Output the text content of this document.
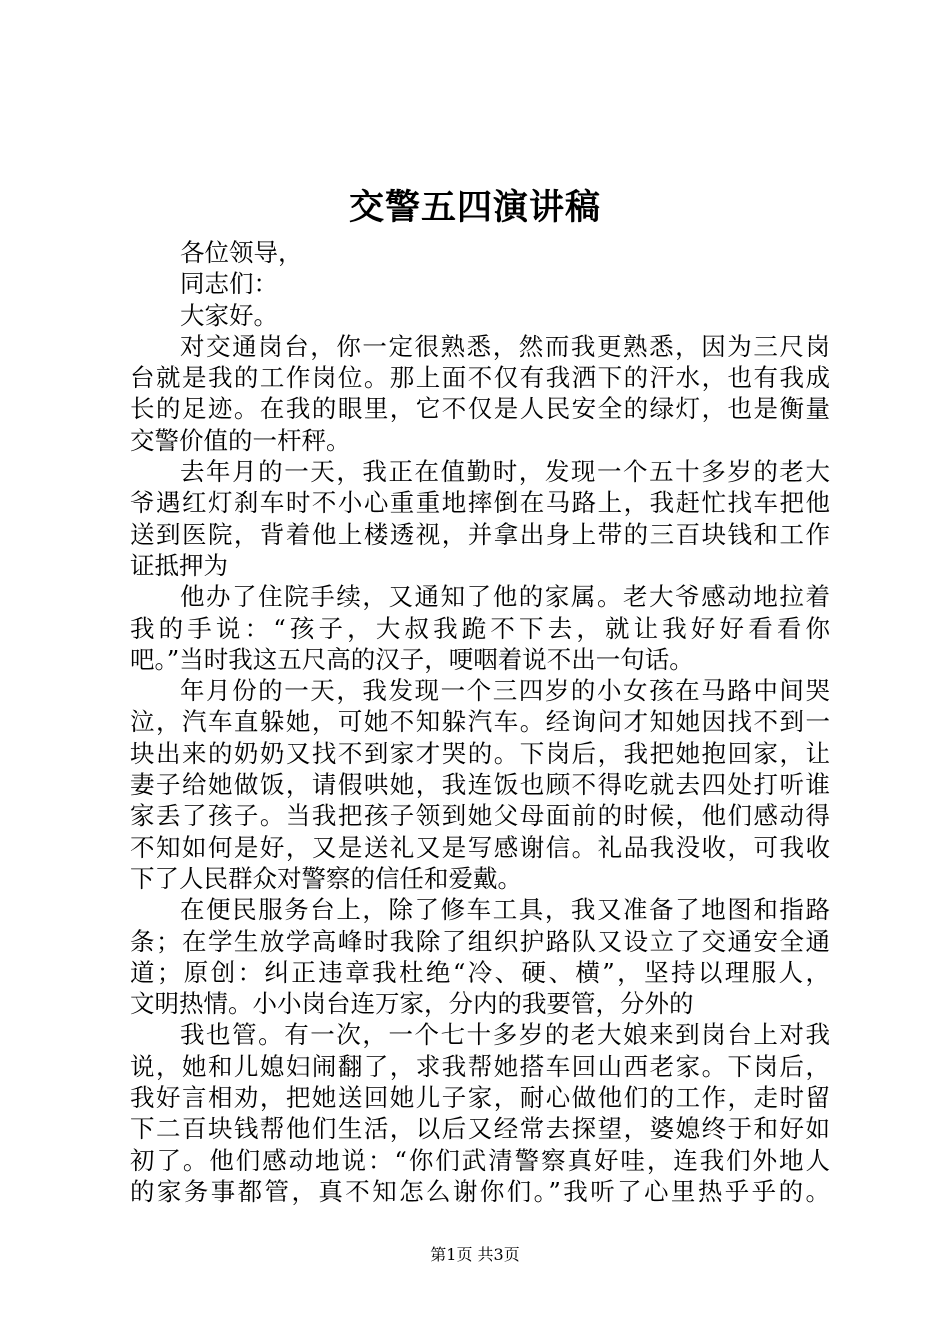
交警五四演讲稿
各位领导，
同志们：
大家好。
对交通岗台，你一定很熟悉，然而我更熟悉，因为三尺岗
台就是我的工作岗位。那上面不仅有我洒下的汗水，也有我成
长的足迹。在我的眼里，它不仅是人民安全的绿灯，也是衡量
交警价值的一杆秤。
去年月的一天，我正在值勤时，发现一个五十多岁的老大
爷遇红灯刹车时不小心重重地摔倒在马路上，我赶忙找车把他
送到医院，背着他上楼透视，并拿出身上带的三百块钱和工作
证抵押为
他办了住院手续，又通知了他的家属。老大爷感动地拉着
我的手说：“孩子，大叔我跪不下去，就让我好好看看你
吧。”当时我这五尺高的汉子，哽咽着说不出一句话。
年月份的一天，我发现一个三四岁的小女孩在马路中间哭
泣，汽车直躲她，可她不知躲汽车。经询问才知她因找不到一
块出来的奶奶又找不到家才哭的。下岗后，我把她抱回家，让
妻子给她做饭，请假哄她，我连饭也顾不得吃就去四处打听谁
家丢了孩子。当我把孩子领到她父母面前的时候，他们感动得
不知如何是好，又是送礼又是写感谢信。礼品我没收，可我收
下了人民群众对警察的信任和爱戴。
在便民服务台上，除了修车工具，我又准备了地图和指路
条；在学生放学高峰时我除了组织护路队又设立了交通安全通
道；原创：纠正违章我杜绝“冷、硬、横”，坚持以理服人，
文明热情。小小岗台连万家，分内的我要管，分外的
我也管。有一次，一个七十多岁的老大娘来到岗台上对我
说，她和儿媳妇闹翻了，求我帮她搭车回山西老家。下岗后，
我好言相劝，把她送回她儿子家，耐心做他们的工作，走时留
下二百块钱帮他们生活，以后又经常去探望，婆媳终于和好如
初了。他们感动地说：“你们武清警察真好哇，连我们外地人
的家务事都管，真不知怎么谢你们。”我听了心里热乎乎的。
第1页 共3页
